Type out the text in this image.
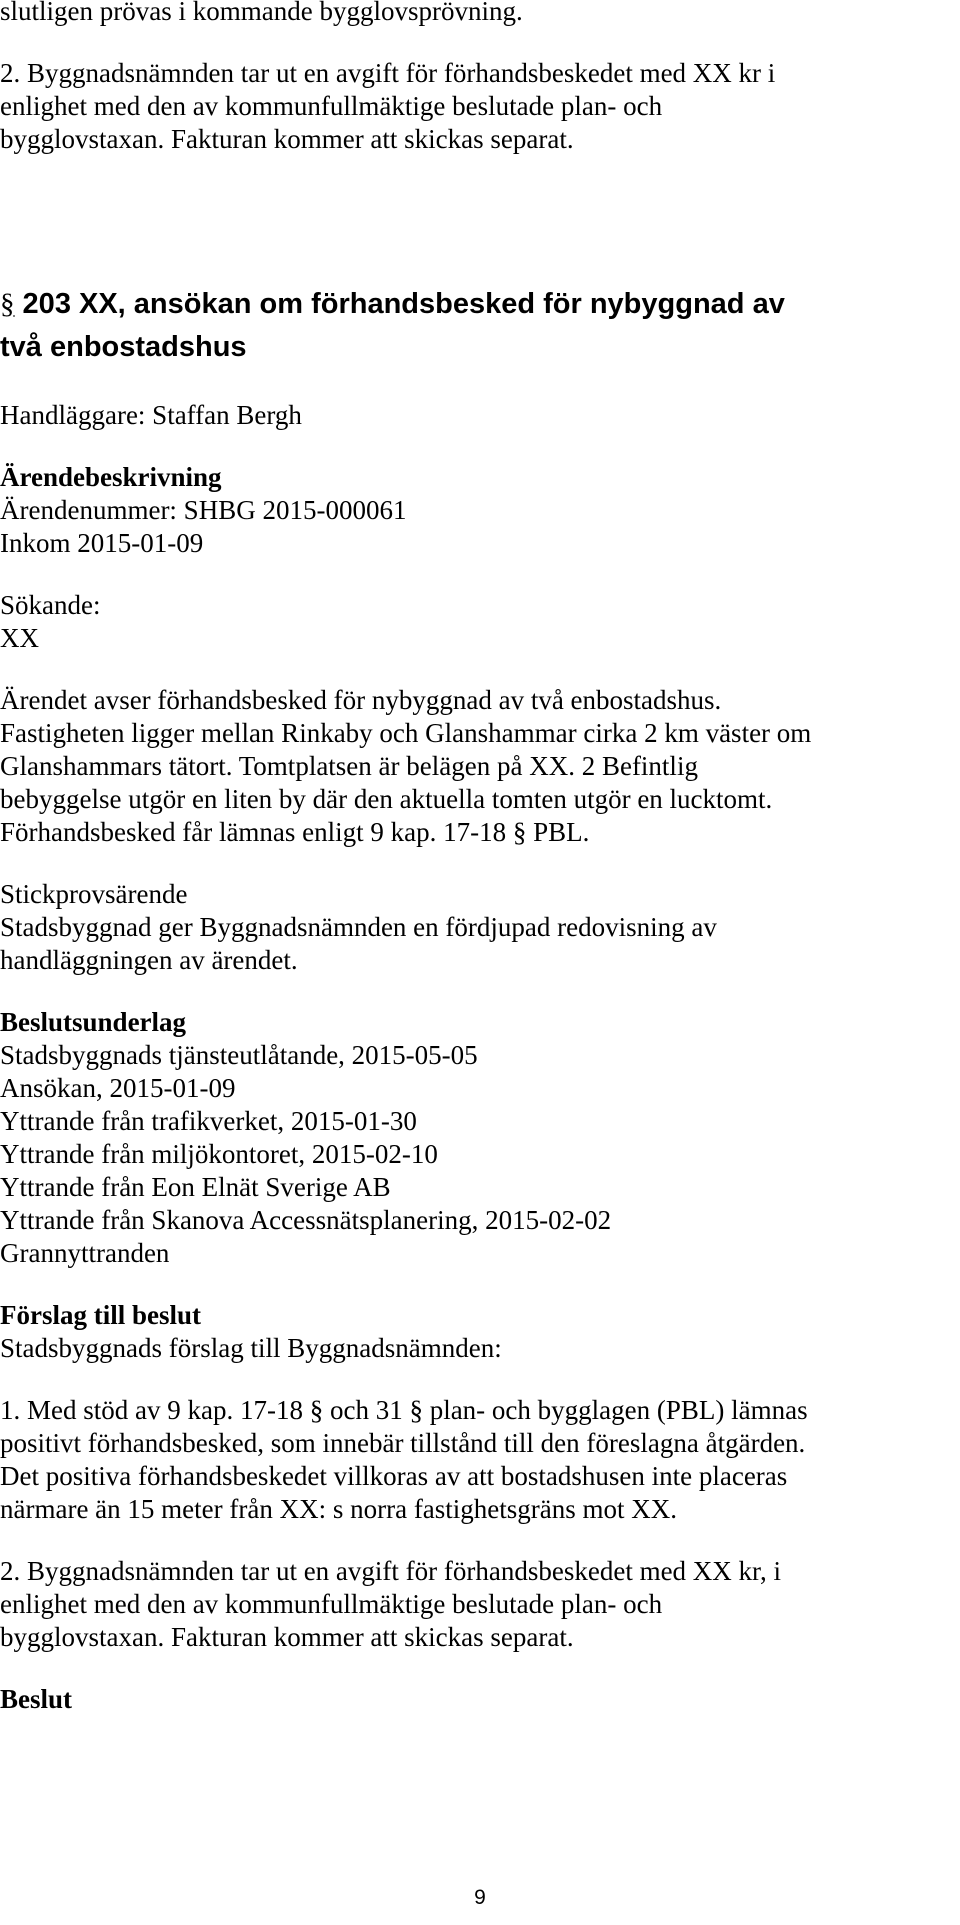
slutligen prövas i kommande bygglovsprövning.

2. Byggnadsnämnden tar ut en avgift för förhandsbeskedet med XX kr i

enlighet med den av kommunfullmäktige beslutade plan- och

bygglovstaxan. Fakturan kommer att skickas separat.

§ 203 XX, ansökan om förhandsbesked för nybyggnad av
två enbostadshus

Handläggare: Staffan Bergh

Ärendebeskrivning

Ärendenummer: SHBG 2015-000061

Inkom 2015-01-09

Sökande:

XX

Ärendet avser förhandsbesked för nybyggnad av två enbostadshus.

Fastigheten ligger mellan Rinkaby och Glanshammar cirka 2 km väster om

Glanshammars tätort. Tomtplatsen är belägen på XX. 2 Befintlig

bebyggelse utgör en liten by där den aktuella tomten utgör en lucktomt.

Förhandsbesked får lämnas enligt 9 kap. 17-18 § PBL.

Stickprovsärende

Stadsbyggnad ger Byggnadsnämnden en fördjupad redovisning av

handläggningen av ärendet.

Beslutsunderlag

Stadsbyggnads tjänsteutlåtande, 2015-05-05

Ansökan, 2015-01-09

Yttrande från trafikverket, 2015-01-30

Yttrande från miljökontoret, 2015-02-10

Yttrande från Eon Elnät Sverige AB

Yttrande från Skanova Accessnätsplanering, 2015-02-02

Grannyttranden

Förslag till beslut

Stadsbyggnads förslag till Byggnadsnämnden:

1. Med stöd av 9 kap. 17-18 § och 31 § plan- och bygglagen (PBL) lämnas

positivt förhandsbesked, som innebär tillstånd till den föreslagna åtgärden.

Det positiva förhandsbeskedet villkoras av att bostadshusen inte placeras

närmare än 15 meter från XX: s norra fastighetsgräns mot XX.

2. Byggnadsnämnden tar ut en avgift för förhandsbeskedet med XX kr, i

enlighet med den av kommunfullmäktige beslutade plan- och

bygglovstaxan. Fakturan kommer att skickas separat.

Beslut

9
